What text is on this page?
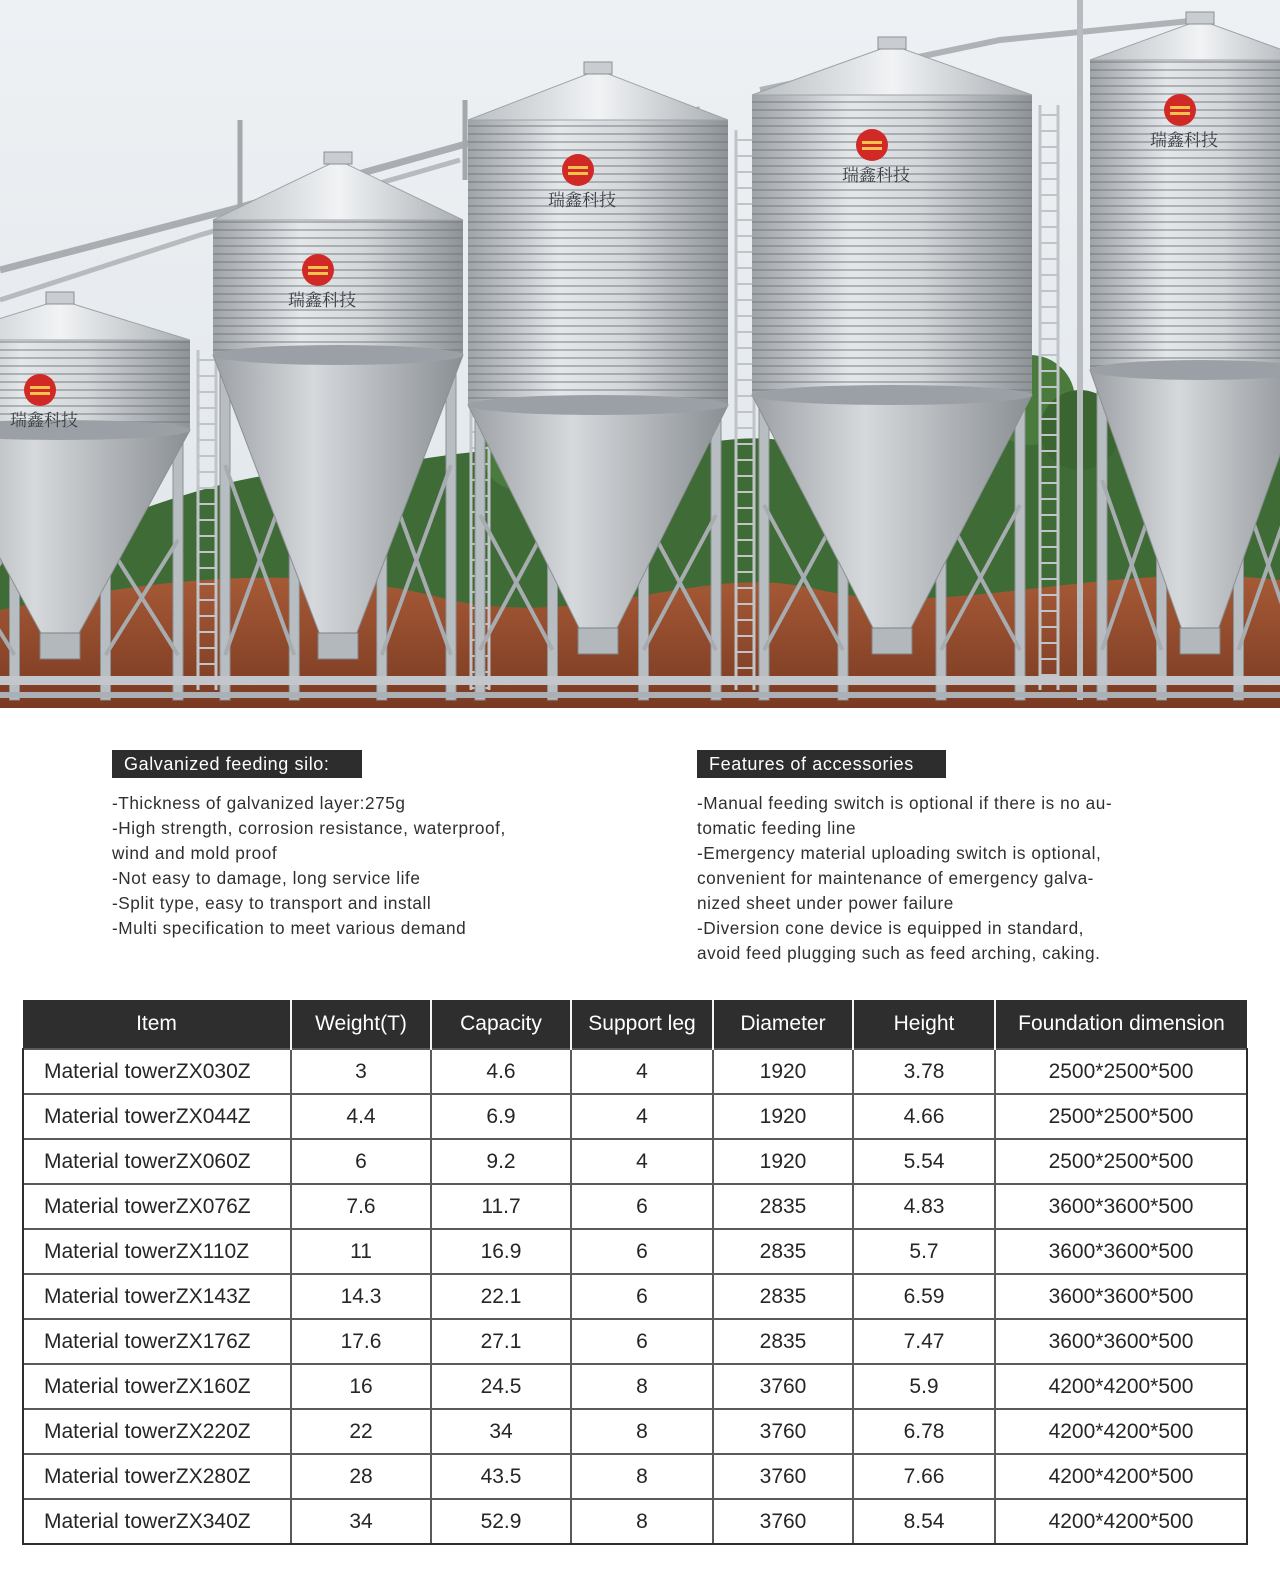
瑞鑫科技
瑞鑫科技
瑞鑫科技
瑞鑫科技
瑞鑫科技
Galvanized feeding silo:
-Thickness of galvanized layer:275g
-High strength, corrosion resistance, waterproof,
wind and mold proof
-Not easy to damage, long service life
-Split type, easy to transport and install
-Multi specification to meet various demand
Features of accessories
-Manual feeding switch is optional if there is no au-
tomatic feeding line
-Emergency material uploading switch is optional,
convenient for maintenance of emergency galva-
nized sheet under power failure
-Diversion cone device is equipped in standard,
avoid feed plugging such as feed arching, caking.
Item	Weight(T)	Capacity	Support leg	Diameter	Height	Foundation dimension
Material towerZX030Z	3	4.6	4	1920	3.78	2500*2500*500
Material towerZX044Z	4.4	6.9	4	1920	4.66	2500*2500*500
Material towerZX060Z	6	9.2	4	1920	5.54	2500*2500*500
Material towerZX076Z	7.6	11.7	6	2835	4.83	3600*3600*500
Material towerZX110Z	11	16.9	6	2835	5.7	3600*3600*500
Material towerZX143Z	14.3	22.1	6	2835	6.59	3600*3600*500
Material towerZX176Z	17.6	27.1	6	2835	7.47	3600*3600*500
Material towerZX160Z	16	24.5	8	3760	5.9	4200*4200*500
Material towerZX220Z	22	34	8	3760	6.78	4200*4200*500
Material towerZX280Z	28	43.5	8	3760	7.66	4200*4200*500
Material towerZX340Z	34	52.9	8	3760	8.54	4200*4200*500
